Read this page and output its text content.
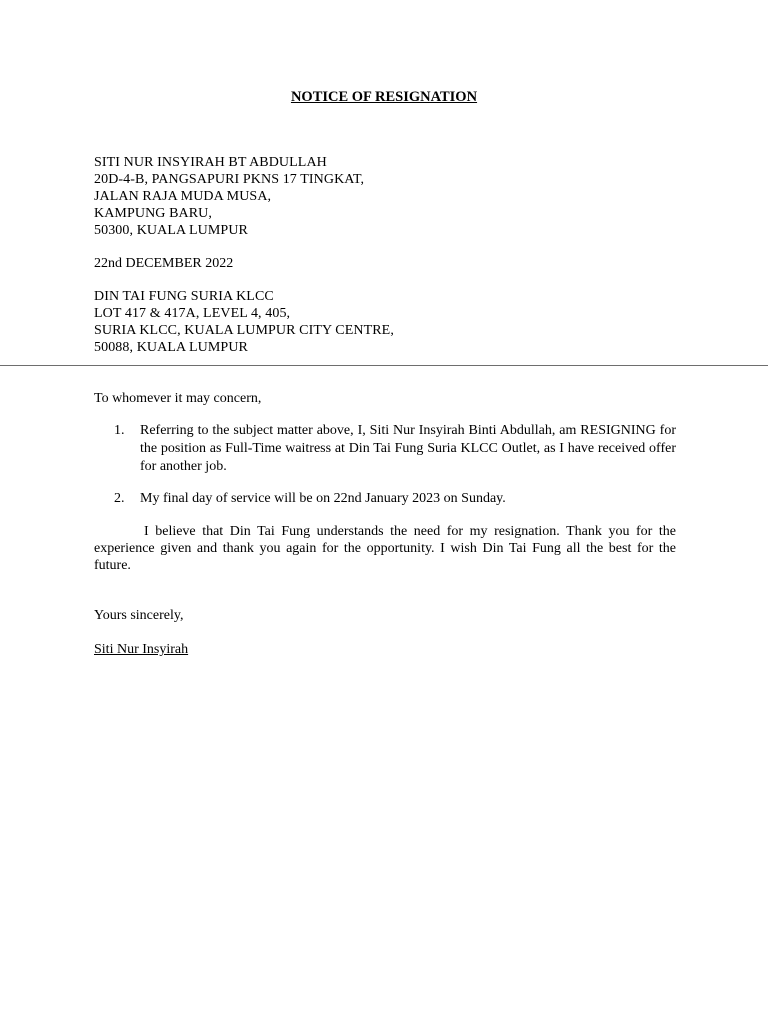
NOTICE OF RESIGNATION
SITI NUR INSYIRAH BT ABDULLAH
20D-4-B, PANGSAPURI PKNS 17 TINGKAT,
JALAN RAJA MUDA MUSA,
KAMPUNG BARU,
50300, KUALA LUMPUR
22nd DECEMBER 2022
DIN TAI FUNG SURIA KLCC
LOT 417 & 417A, LEVEL 4, 405,
SURIA KLCC, KUALA LUMPUR CITY CENTRE,
50088, KUALA LUMPUR
To whomever it may concern,
1. Referring to the subject matter above, I, Siti Nur Insyirah Binti Abdullah, am RESIGNING for the position as Full-Time waitress at Din Tai Fung Suria KLCC Outlet, as I have received offer for another job.
2. My final day of service will be on 22nd January 2023 on Sunday.
I believe that Din Tai Fung understands the need for my resignation. Thank you for the experience given and thank you again for the opportunity. I wish Din Tai Fung all the best for the future.
Yours sincerely,
Siti Nur Insyirah
